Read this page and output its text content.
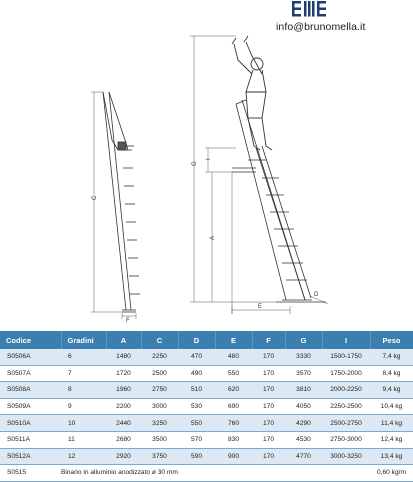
info@brunomella.it
C
F
G
I
A
E
D
Codice	Gradini	A	C	D	E	F	G	I	Peso
S0506A	6	1480	2250	470	480	170	3330	1500-1750	7,4 kg
S0507A	7	1720	2500	490	550	170	3570	1750-2000	8,4 kg
S0508A	8	1960	2750	510	620	170	3810	2000-2250	9,4 kg
S0509A	9	2200	3000	530	690	170	4050	2250-2500	10,4 kg
S0510A	10	2440	3250	550	760	170	4290	2500-2750	11,4 kg
S0511A	11	2680	3500	570	830	170	4530	2750-3000	12,4 kg
S0512A	12	2920	3750	590	900	170	4770	3000-3250	13,4 kg
S0515	Binario in alluminio anodizzato ø 30 mm								0,60 kg/m
